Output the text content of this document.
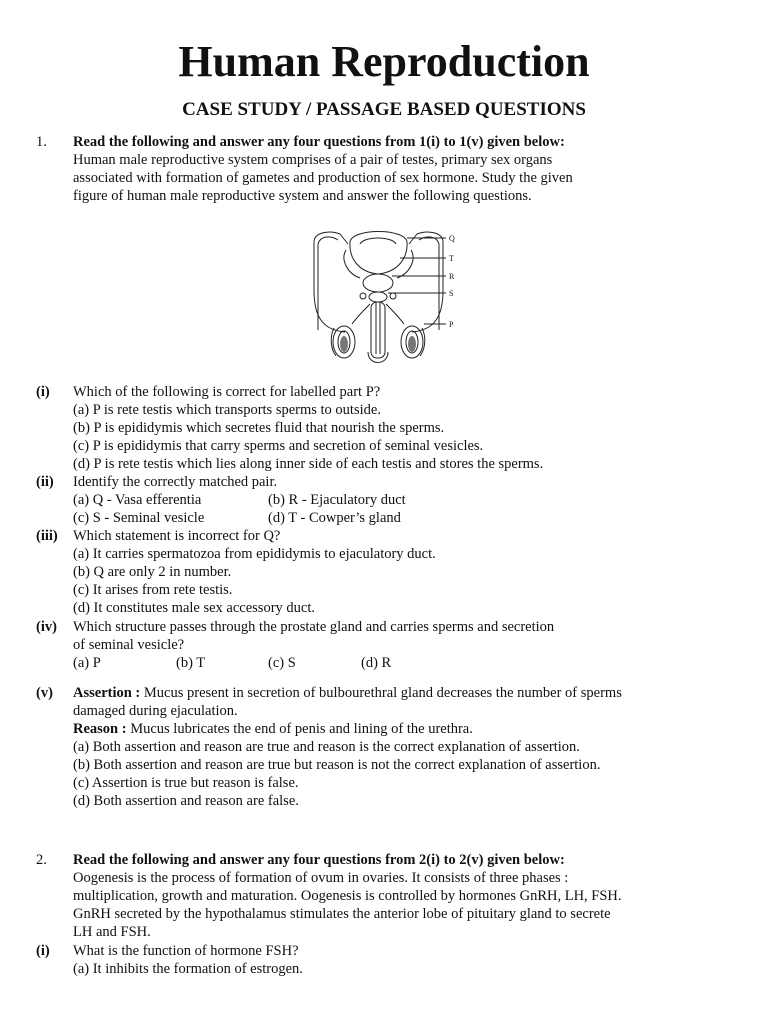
Human Reproduction
CASE STUDY / PASSAGE BASED QUESTIONS
1. Read the following and answer any four questions from 1(i) to 1(v) given below:
Human male reproductive system comprises of a pair of testes, primary sex organs
associated with formation of gametes and production of sex hormone. Study the given
figure of human male reproductive system and answer the following questions.
Q
T
R
S
P
(i) Which of the following is correct for labelled part P?
(a) P is rete testis which transports sperms to outside.
(b) P is epididymis which secretes fluid that nourish the sperms.
(c) P is epididymis that carry sperms and secretion of seminal vesicles.
(d) P is rete testis which lies along inner side of each testis and stores the sperms.
(ii) Identify the correctly matched pair.
(a) Q - Vasa efferentia	(b) R - Ejaculatory duct
(c) S - Seminal vesicle	(d) T - Cowper’s gland
(iii) Which statement is incorrect for Q?
(a) It carries spermatozoa from epididymis to ejaculatory duct.
(b) Q are only 2 in number.
(c) It arises from rete testis.
(d) It constitutes male sex accessory duct.
(iv) Which structure passes through the prostate gland and carries sperms and secretion
of seminal vesicle?
(a) P	(b) T	(c) S	(d) R
(v) Assertion : Mucus present in secretion of bulbourethral gland decreases the number of sperms
damaged during ejaculation.
Reason : Mucus lubricates the end of penis and lining of the urethra.
(a) Both assertion and reason are true and reason is the correct explanation of assertion.
(b) Both assertion and reason are true but reason is not the correct explanation of assertion.
(c) Assertion is true but reason is false.
(d) Both assertion and reason are false.
2. Read the following and answer any four questions from 2(i) to 2(v) given below:
Oogenesis is the process of formation of ovum in ovaries. It consists of three phases :
multiplication, growth and maturation. Oogenesis is controlled by hormones GnRH, LH, FSH.
GnRH secreted by the hypothalamus stimulates the anterior lobe of pituitary gland to secrete
LH and FSH.
(i) What is the function of hormone FSH?
(a) It inhibits the formation of estrogen.
